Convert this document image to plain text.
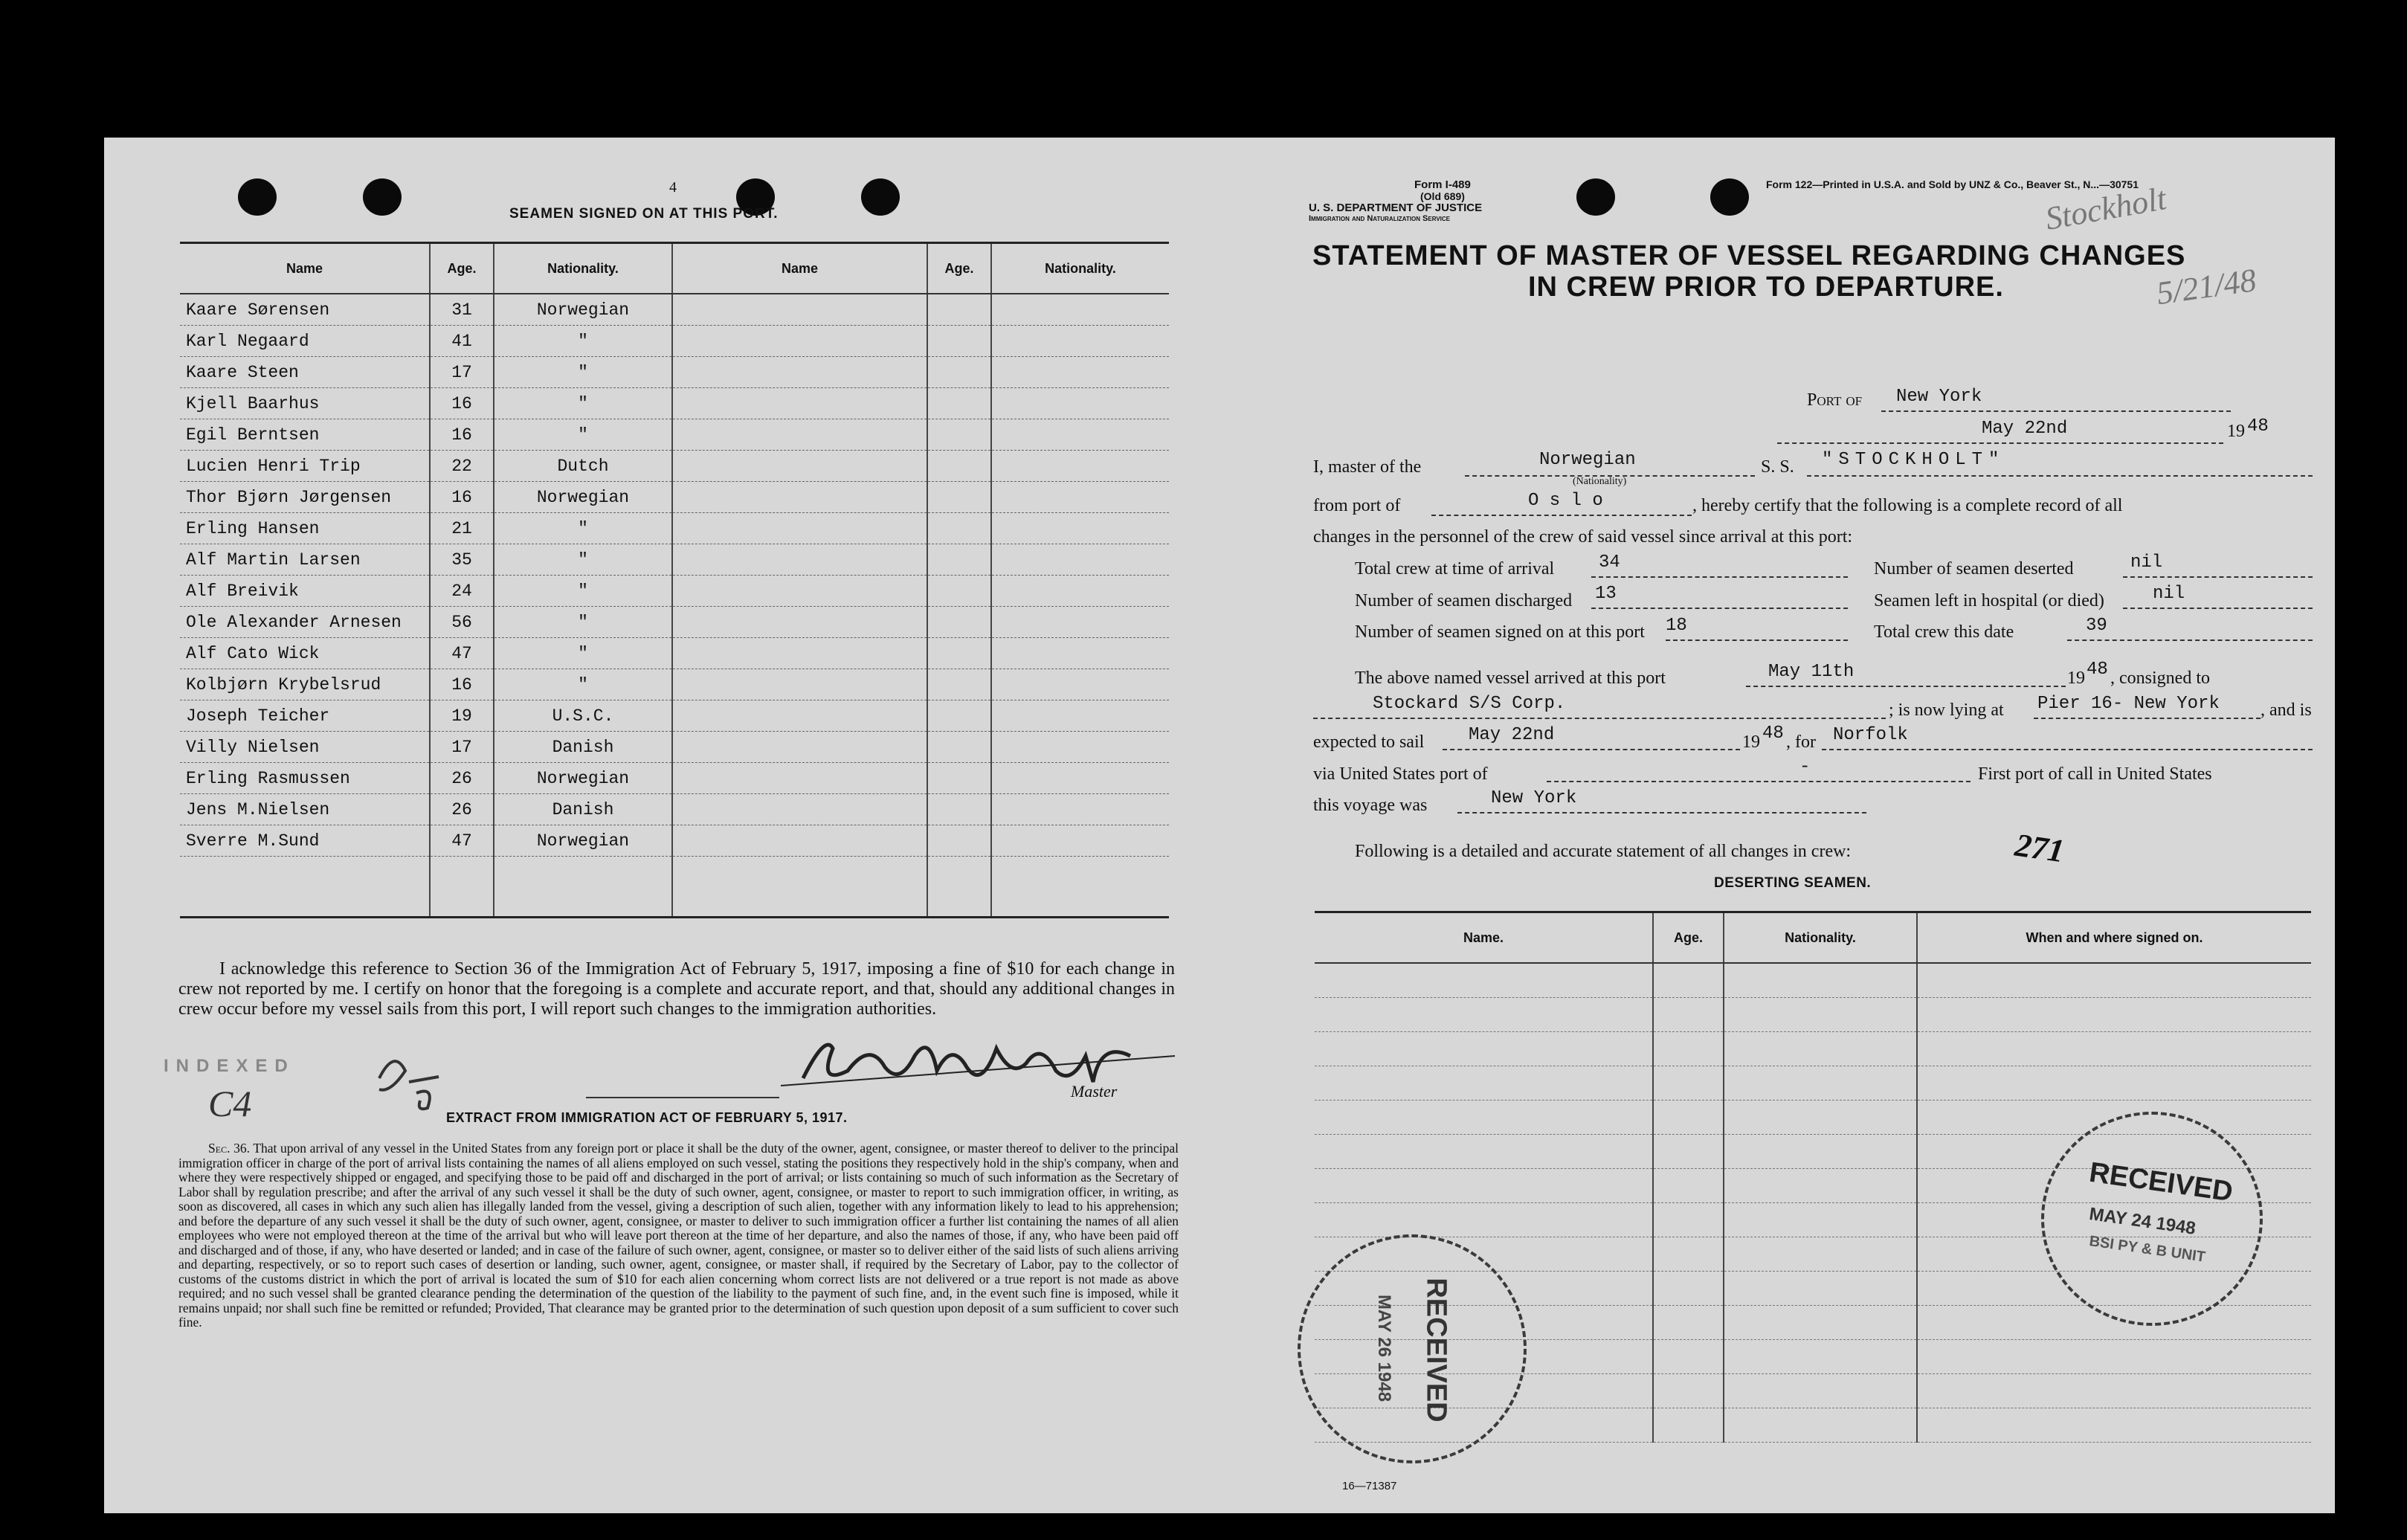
4
SEAMEN SIGNED ON AT THIS PORT.
Name	Age.	Nationality.	Name	Age.	Nationality.
Kaare Sørensen	31	Norwegian			
Karl Negaard	41	"			
Kaare Steen	17	"			
Kjell Baarhus	16	"			
Egil Berntsen	16	"			
Lucien Henri Trip	22	Dutch			
Thor Bjørn Jørgensen	16	Norwegian			
Erling Hansen	21	"			
Alf Martin Larsen	35	"			
Alf Breivik	24	"			
Ole Alexander Arnesen	56	"			
Alf Cato Wick	47	"			
Kolbjørn Krybelsrud	16	"			
Joseph Teicher	19	U.S.C.			
Villy Nielsen	17	Danish			
Erling Rasmussen	26	Norwegian			
Jens M.Nielsen	26	Danish			
Sverre M.Sund	47	Norwegian			

I acknowledge this reference to Section 36 of the Immigration Act of February 5, 1917, imposing a fine of $10 for each change in crew not reported by me. I certify on honor that the foregoing is a complete and accurate report, and that, should any additional changes in crew occur before my vessel sails from this port, I will report such changes to the immigration authorities.
INDEXED
C4	Master
EXTRACT FROM IMMIGRATION ACT OF FEBRUARY 5, 1917.
Sec. 36. That upon arrival of any vessel in the United States from any foreign port or place it shall be the duty of the owner, agent, consignee, or master thereof to deliver to the principal immigration officer in charge of the port of arrival lists containing the names of all aliens employed on such vessel, stating the positions they respectively hold in the ship's company, when and where they were respectively shipped or engaged, and specifying those to be paid off and discharged in the port of arrival; or lists containing so much of such information as the Secretary of Labor shall by regulation prescribe; and after the arrival of any such vessel it shall be the duty of such owner, agent, consignee, or master to report to such immigration officer, in writing, as soon as discovered, all cases in which any such alien has illegally landed from the vessel, giving a description of such alien, together with any information likely to lead to his apprehension; and before the departure of any such vessel it shall be the duty of such owner, agent, consignee, or master to deliver to such immigration officer a further list containing the names of all alien employees who were not employed thereon at the time of the arrival but who will leave port thereon at the time of her departure, and also the names of those, if any, who have been paid off and discharged and of those, if any, who have deserted or landed; and in case of the failure of such owner, agent, consignee, or master so to deliver either of the said lists of such aliens arriving and departing, respectively, or so to report such cases of desertion or landing, such owner, agent, consignee, or master shall, if required by the Secretary of Labor, pay to the collector of customs of the customs district in which the port of arrival is located the sum of $10 for each alien concerning whom correct lists are not delivered or a true report is not made as above required; and no such vessel shall be granted clearance pending the determination of the question of the liability to the payment of such fine, and, in the event such fine is imposed, while it remains unpaid; nor shall such fine be remitted or refunded; Provided, That clearance may be granted prior to the determination of such question upon deposit of a sum sufficient to cover such fine.
Form I-489
(Old 689)
U. S. DEPARTMENT OF JUSTICE
Immigration and Naturalization Service
Form 122—Printed in U.S.A. and Sold by UNZ & Co., Beaver St., N...—30751
Stockholt
5/21/48
STATEMENT OF MASTER OF VESSEL REGARDING CHANGES
IN CREW PRIOR TO DEPARTURE.
Port of	New York
May 22nd	19 48
I, master of the	Norwegian
(Nationality)
S. S.	"STOCKHOLT"
from port of	O s l o	, hereby certify that the following is a complete record of all
changes in the personnel of the crew of said vessel since arrival at this port:
Total crew at time of arrival	34	Number of seamen deserted	nil
Number of seamen discharged 13	Seamen left in hospital (or died)	nil
Number of seamen signed on at this port 18	Total crew this date	39
The above named vessel arrived at this port	May 11th	19 48 , consigned to
Stockard S/S Corp.	; is now lying at Pier 16- New York	, and is
expected to sail	May 22nd	19 48 , for Norfolk
via United States port of	-	First port of call in United States
this voyage was	New York
Following is a detailed and accurate statement of all changes in crew:	271
DESERTING SEAMEN.
Name.	Age.	Nationality.	When and where signed on.

RECEIVED
MAY 24 1948
BSI PY & B UNIT
RECEIVED
MAY 26 1948
16—71387
